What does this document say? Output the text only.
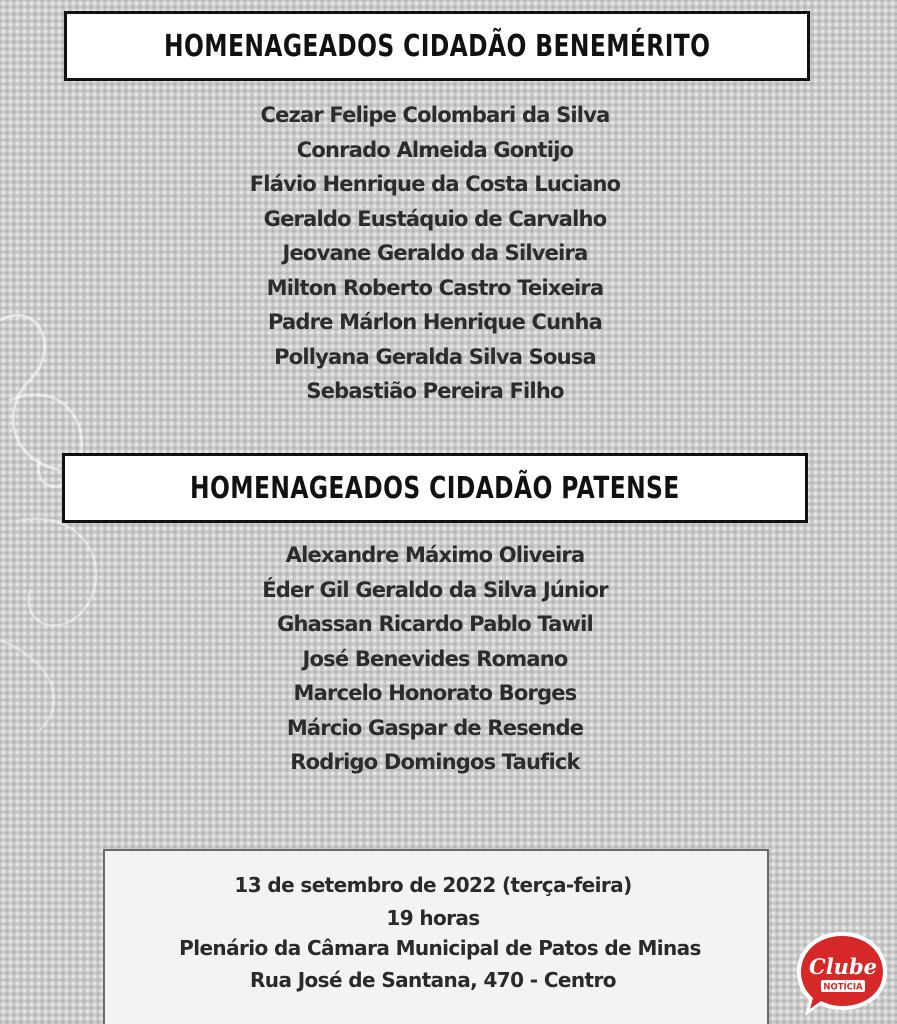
HOMENAGEADOS CIDADÃO BENEMÉRITO
Cezar Felipe Colombari da Silva
Conrado Almeida Gontijo
Flávio Henrique da Costa Luciano
Geraldo Eustáquio de Carvalho
Jeovane Geraldo da Silveira
Milton Roberto Castro Teixeira
Padre Márlon Henrique Cunha
Pollyana Geralda Silva Sousa
Sebastião Pereira Filho
HOMENAGEADOS CIDADÃO PATENSE
Alexandre Máximo Oliveira
Éder Gil Geraldo da Silva Júnior
Ghassan Ricardo Pablo Tawil
José Benevides Romano
Marcelo Honorato Borges
Márcio Gaspar de Resende
Rodrigo Domingos Taufick
13 de setembro de 2022 (terça-feira)
19 horas
Plenário da Câmara Municipal de Patos de Minas
Rua José de Santana, 470 - Centro
Clube
NOTÍCIA
